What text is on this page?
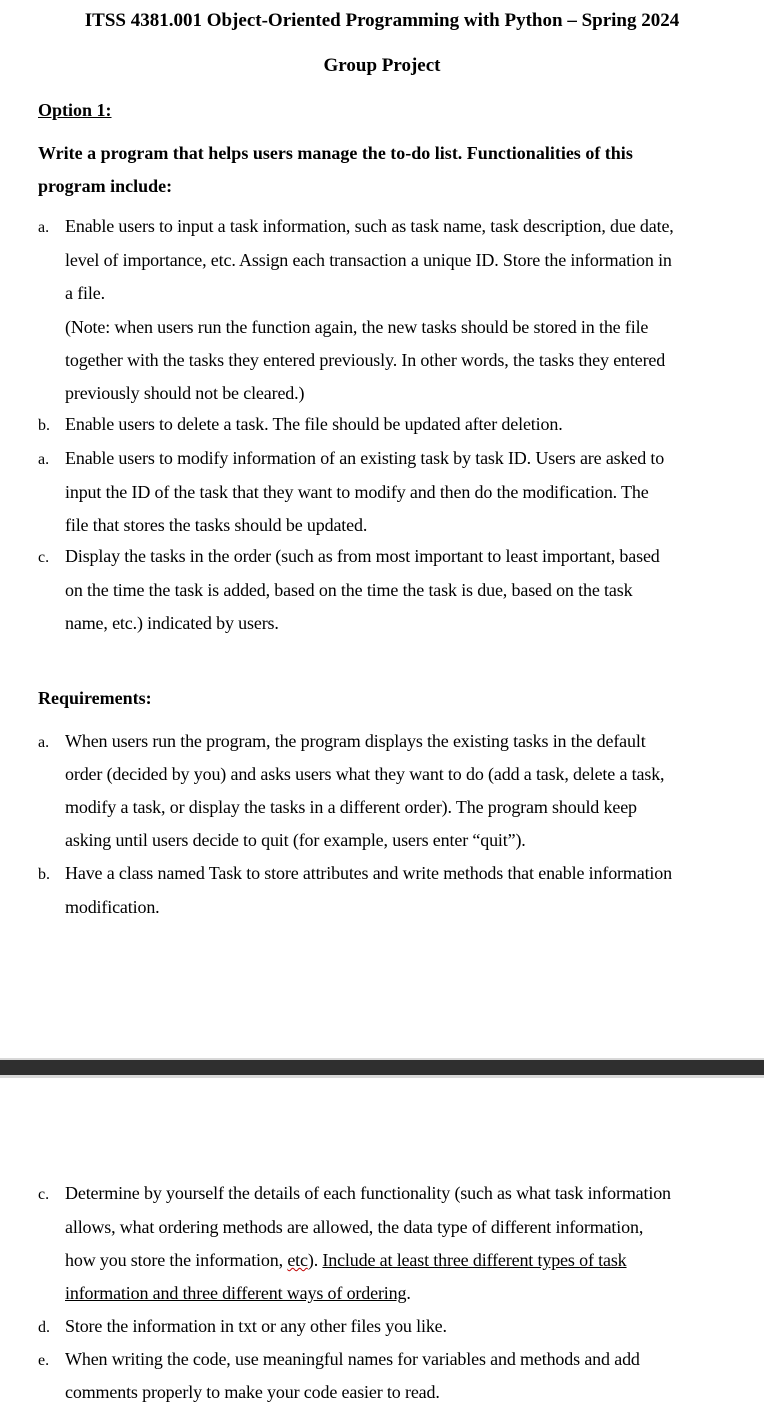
ITSS 4381.001 Object-Oriented Programming with Python – Spring 2024
Group Project
Option 1:
Write a program that helps users manage the to-do list. Functionalities of this
program include:
a. Enable users to input a task information, such as task name, task description, due date,
level of importance, etc. Assign each transaction a unique ID. Store the information in
a file.
(Note: when users run the function again, the new tasks should be stored in the file
together with the tasks they entered previously. In other words, the tasks they entered
previously should not be cleared.)
b. Enable users to delete a task. The file should be updated after deletion.
a. Enable users to modify information of an existing task by task ID. Users are asked to
input the ID of the task that they want to modify and then do the modification. The
file that stores the tasks should be updated.
c. Display the tasks in the order (such as from most important to least important, based
on the time the task is added, based on the time the task is due, based on the task
name, etc.) indicated by users.
Requirements:
a. When users run the program, the program displays the existing tasks in the default
order (decided by you) and asks users what they want to do (add a task, delete a task,
modify a task, or display the tasks in a different order). The program should keep
asking until users decide to quit (for example, users enter “quit”).
b. Have a class named Task to store attributes and write methods that enable information
modification.
c. Determine by yourself the details of each functionality (such as what task information
allows, what ordering methods are allowed, the data type of different information,
how you store the information, etc). Include at least three different types of task
information and three different ways of ordering.
d. Store the information in txt or any other files you like.
e. When writing the code, use meaningful names for variables and methods and add
comments properly to make your code easier to read.
